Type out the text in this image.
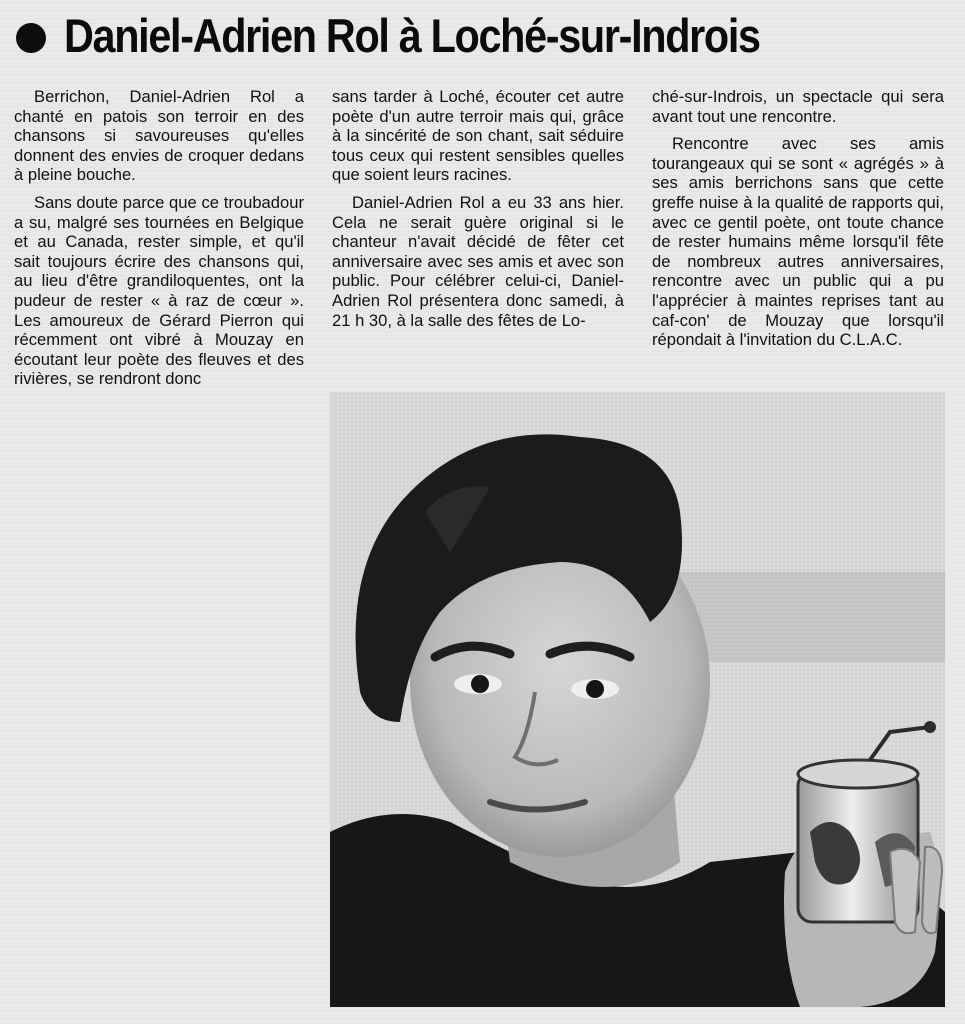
Daniel-Adrien Rol à Loché-sur-Indrois

Berrichon, Daniel-Adrien Rol a chanté en patois son terroir en des chansons si savoureuses qu'elles donnent des envies de croquer dedans à pleine bouche.

Sans doute parce que ce troubadour a su, malgré ses tournées en Belgique et au Canada, rester simple, et qu'il sait toujours écrire des chansons qui, au lieu d'être grandiloquentes, ont la pudeur de rester « à raz de cœur ». Les amoureux de Gérard Pierron qui récemment ont vibré à Mouzay en écoutant leur poète des fleuves et des rivières, se rendront donc

sans tarder à Loché, écouter cet autre poète d'un autre terroir mais qui, grâce à la sincérité de son chant, sait séduire tous ceux qui restent sensibles quelles que soient leurs racines.

Daniel-Adrien Rol a eu 33 ans hier. Cela ne serait guère original si le chanteur n'avait décidé de fêter cet anniversaire avec ses amis et avec son public. Pour célébrer celui-ci, Daniel-Adrien Rol présentera donc samedi, à 21 h 30, à la salle des fêtes de Lo-

ché-sur-Indrois, un spectacle qui sera avant tout une rencontre.

Rencontre avec ses amis tourangeaux qui se sont « agrégés » à ses amis berrichons sans que cette greffe nuise à la qualité de rapports qui, avec ce gentil poète, ont toute chance de rester humains même lorsqu'il fête de nombreux autres anniversaires, rencontre avec un public qui a pu l'apprécier à maintes reprises tant au caf-con' de Mouzay que lorsqu'il répondait à l'invitation du C.L.A.C.
